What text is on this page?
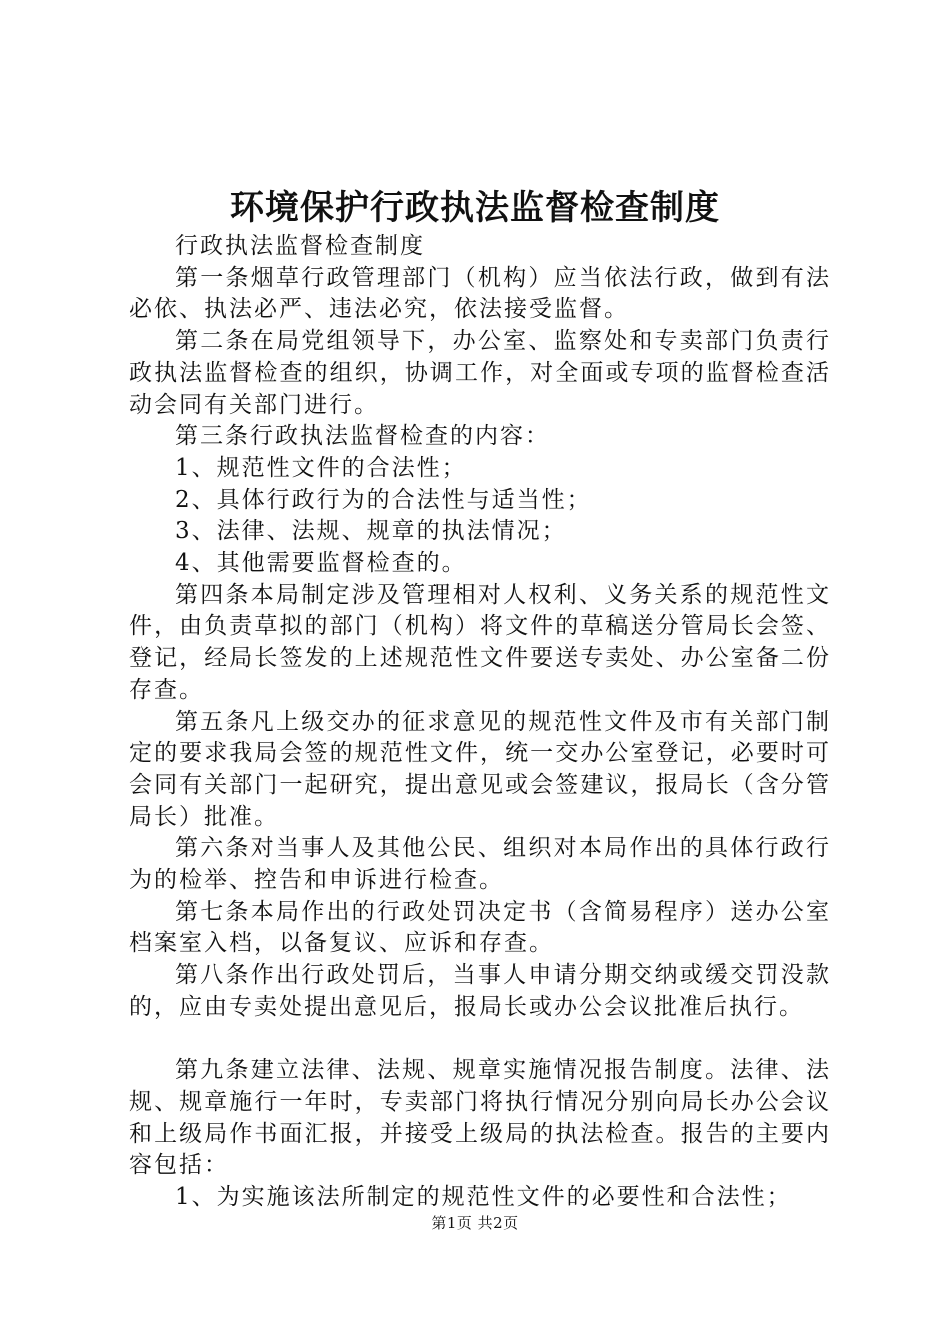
环境保护行政执法监督检查制度

行政执法监督检查制度

第一条烟草行政管理部门（机构）应当依法行政，做到有法必依、执法必严、违法必究，依法接受监督。

第二条在局党组领导下，办公室、监察处和专卖部门负责行政执法监督检查的组织，协调工作，对全面或专项的监督检查活动会同有关部门进行。

第三条行政执法监督检查的内容：

1、规范性文件的合法性；

2、具体行政行为的合法性与适当性；

3、法律、法规、规章的执法情况；

4、其他需要监督检查的。

第四条本局制定涉及管理相对人权利、义务关系的规范性文件，由负责草拟的部门（机构）将文件的草稿送分管局长会签、登记，经局长签发的上述规范性文件要送专卖处、办公室备二份存查。

第五条凡上级交办的征求意见的规范性文件及市有关部门制定的要求我局会签的规范性文件，统一交办公室登记，必要时可会同有关部门一起研究，提出意见或会签建议，报局长（含分管局长）批准。

第六条对当事人及其他公民、组织对本局作出的具体行政行为的检举、控告和申诉进行检查。

第七条本局作出的行政处罚决定书（含简易程序）送办公室档案室入档，以备复议、应诉和存查。

第八条作出行政处罚后，当事人申请分期交纳或缓交罚没款的，应由专卖处提出意见后，报局长或办公会议批准后执行。

第九条建立法律、法规、规章实施情况报告制度。法律、法规、规章施行一年时，专卖部门将执行情况分别向局长办公会议和上级局作书面汇报，并接受上级局的执法检查。报告的主要内容包括：

1、为实施该法所制定的规范性文件的必要性和合法性；

第1页 共2页
